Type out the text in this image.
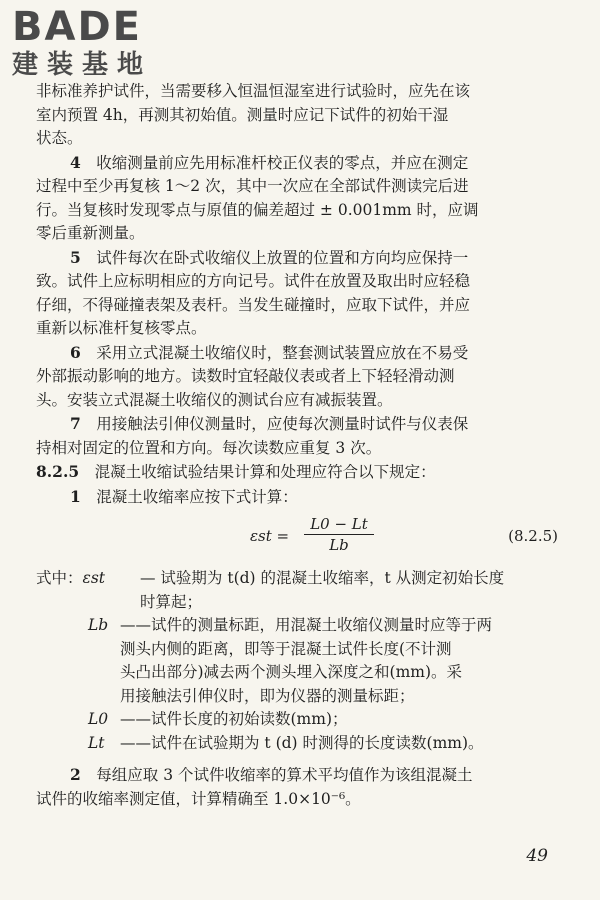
BADE
建装基地
非标准养护试件，当需要移入恒温恒湿室进行试验时，应先在该
室内预置 4h，再测其初始值。测量时应记下试件的初始干湿
状态。
4  收缩测量前应先用标准杆校正仪表的零点，并应在测定
过程中至少再复核 1～2 次，其中一次应在全部试件测读完后进
行。当复核时发现零点与原值的偏差超过 ± 0.001mm 时，应调
零后重新测量。
5  试件每次在卧式收缩仪上放置的位置和方向均应保持一
致。试件上应标明相应的方向记号。试件在放置及取出时应轻稳
仔细，不得碰撞表架及表杆。当发生碰撞时，应取下试件，并应
重新以标准杆复核零点。
6  采用立式混凝土收缩仪时，整套测试装置应放在不易受
外部振动影响的地方。读数时宜轻敲仪表或者上下轻轻滑动测
头。安装立式混凝土收缩仪的测试台应有减振装置。
7  用接触法引伸仪测量时，应使每次测量时试件与仪表保
持相对固定的位置和方向。每次读数应重复 3 次。
8.2.5  混凝土收缩试验结果计算和处理应符合以下规定：
1  混凝土收缩率应按下式计算：
$\varepsilon st = \frac{L0 - Lt}{Lb}$	(8.2.5)
式中：εst	— 试验期为 t(d) 的混凝土收缩率，t 从测定初始长度
时算起；
Lb ——试件的测量标距，用混凝土收缩仪测量时应等于两
测头内侧的距离，即等于混凝土试件长度(不计测
头凸出部分)减去两个测头埋入深度之和(mm)。采
用接触法引伸仪时，即为仪器的测量标距；
L0 ——试件长度的初始读数(mm)；
Lt ——试件在试验期为 t (d) 时测得的长度读数(mm)。
2  每组应取 3 个试件收缩率的算术平均值作为该组混凝土
试件的收缩率测定值，计算精确至 1.0×10⁻⁶。
49
